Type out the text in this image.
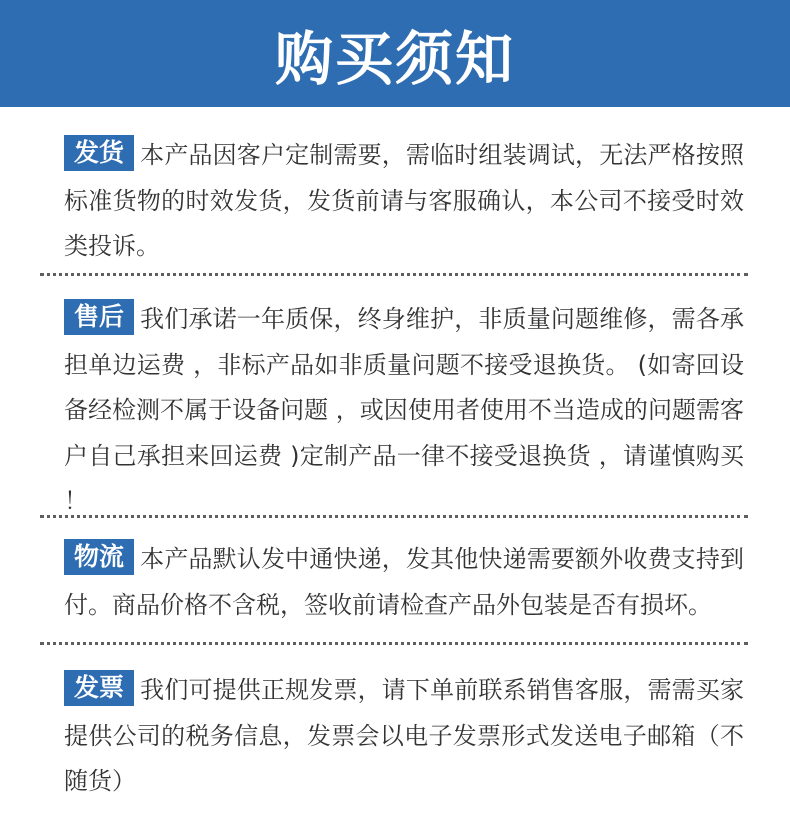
购买须知
发货 本产品因客户定制需要，需临时组装调试，无法严格按照标准货物的时效发货，发货前请与客服确认，本公司不接受时效类投诉。
售后 我们承诺一年质保，终身维护，非质量问题维修，需各承担单边运费 ，非标产品如非质量问题不接受退换货。 (如寄回设备经检测不属于设备问题 ，或因使用者使用不当造成的问题需客户自己承担来回运费 )定制产品一律不接受退换货 ，请谨慎购买 ！
物流 本产品默认发中通快递，发其他快递需要额外收费支持到付。商品价格不含税，签收前请检查产品外包装是否有损坏。
发票 我们可提供正规发票，请下单前联系销售客服，需需买家提供公司的税务信息，发票会以电子发票形式发送电子邮箱（不随货）
